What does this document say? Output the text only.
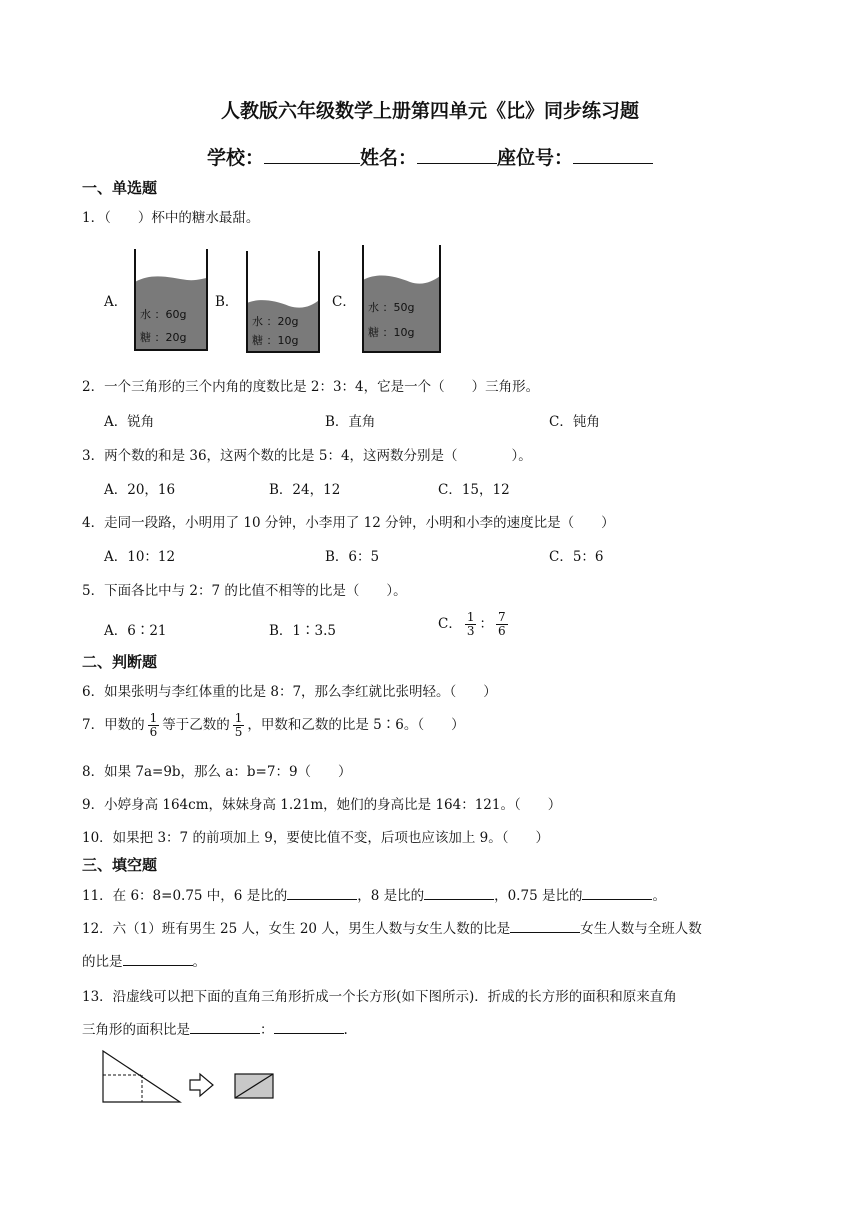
人教版六年级数学上册第四单元《比》同步练习题
学校：	姓名：	座位号：
一、单选题
1．（　　）杯中的糖水最甜。
A．
水 ：60g
糖 ：20g
B．
水 ：20g
糖 ：10g
C． 水 ：50g
糖 ：10g
2．一个三角形的三个内角的度数比是 2：3：4，它是一个（　　）三角形。
A．锐角	B．直角	C．钝角
3．两个数的和是 36，这两个数的比是 5：4，这两数分别是（　　　　）。
A．20，16	B．24，12	C．15，12
4．走同一段路，小明用了 10 分钟，小李用了 12 分钟，小明和小李的速度比是（　　）
A．10：12	B．6：5	C．5：6
5．下面各比中与 2：7 的比值不相等的比是（　　）。
A．6∶21	B．1∶3.5	C． $\frac{1}{3}$ ： $\frac{7}{6}$
二、判断题
6．如果张明与李红体重的比是 8：7，那么李红就比张明轻。（　　）
7．甲数的 $\frac{1}{6}$ 等于乙数的 $\frac{1}{5}$ ，甲数和乙数的比是 5∶6。（　　）
8．如果 7a=9b，那么 a：b=7：9（　　）
9．小婷身高 164cm，妹妹身高 1.21m，她们的身高比是 164：121。（　　）
10．如果把 3：7 的前项加上 9，要使比值不变，后项也应该加上 9。（　　）
三、填空题
11．在 6：8=0.75 中，6 是比的	，8 是比的	，0.75 是比的	。
12．六（1）班有男生 25 人，女生 20 人，男生人数与女生人数的比是	女生人数与全班人数
的比是	。
13．沿虚线可以把下面的直角三角形折成一个长方形(如下图所示)．折成的长方形的面积和原来直角
三角形的面积比是	：	.
